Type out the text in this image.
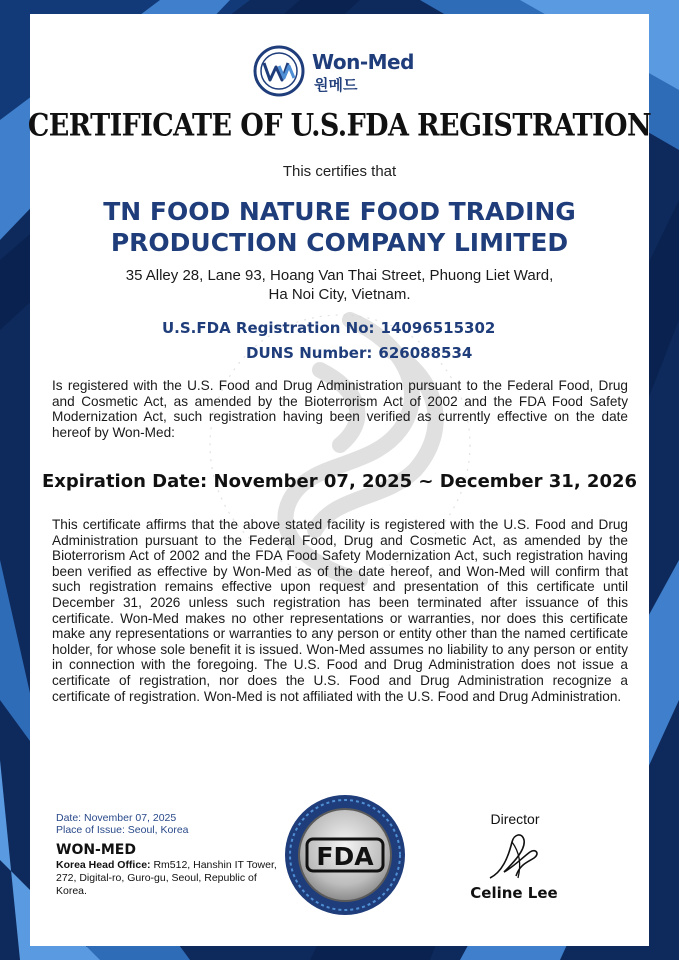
Won-Med
원메드
CERTIFICATE OF U.S.FDA REGISTRATION
This certifies that
TN FOOD NATURE FOOD TRADING
PRODUCTION COMPANY LIMITED
35 Alley 28, Lane 93, Hoang Van Thai Street, Phuong Liet Ward,
Ha Noi City, Vietnam.
U.S.FDA Registration No: 14096515302
DUNS Number: 626088534
Is registered with the U.S. Food and Drug Administration pursuant to the Federal Food, Drug and Cosmetic Act, as amended by the Bioterrorism Act of 2002 and the FDA Food Safety Modernization Act, such registration having been verified as currently effective on the date hereof by Won-Med:
Expiration Date: November 07, 2025 ~ December 31, 2026
This certificate affirms that the above stated facility is registered with the U.S. Food and Drug Administration pursuant to the Federal Food, Drug and Cosmetic Act, as amended by the Bioterrorism Act of 2002 and the FDA Food Safety Modernization Act, such registration having been verified as effective by Won-Med as of the date hereof, and Won-Med will confirm that such registration remains effective upon request and presentation of this certificate until December 31, 2026 unless such registration has been terminated after issuance of this certificate. Won-Med makes no other representations or warranties, nor does this certificate make any representations or warranties to any person or entity other than the named certificate holder, for whose sole benefit it is issued. Won-Med assumes no liability to any person or entity in connection with the foregoing. The U.S. Food and Drug Administration does not issue a certificate of registration, nor does the U.S. Food and Drug Administration recognize a certificate of registration. Won-Med is not affiliated with the U.S. Food and Drug Administration.
Date: November 07, 2025
Place of Issue: Seoul, Korea
WON-MED
Korea Head Office: Rm512, Hanshin IT Tower, 272, Digital-ro, Guro-gu, Seoul, Republic of Korea.
FDA
Director
Celine Lee
